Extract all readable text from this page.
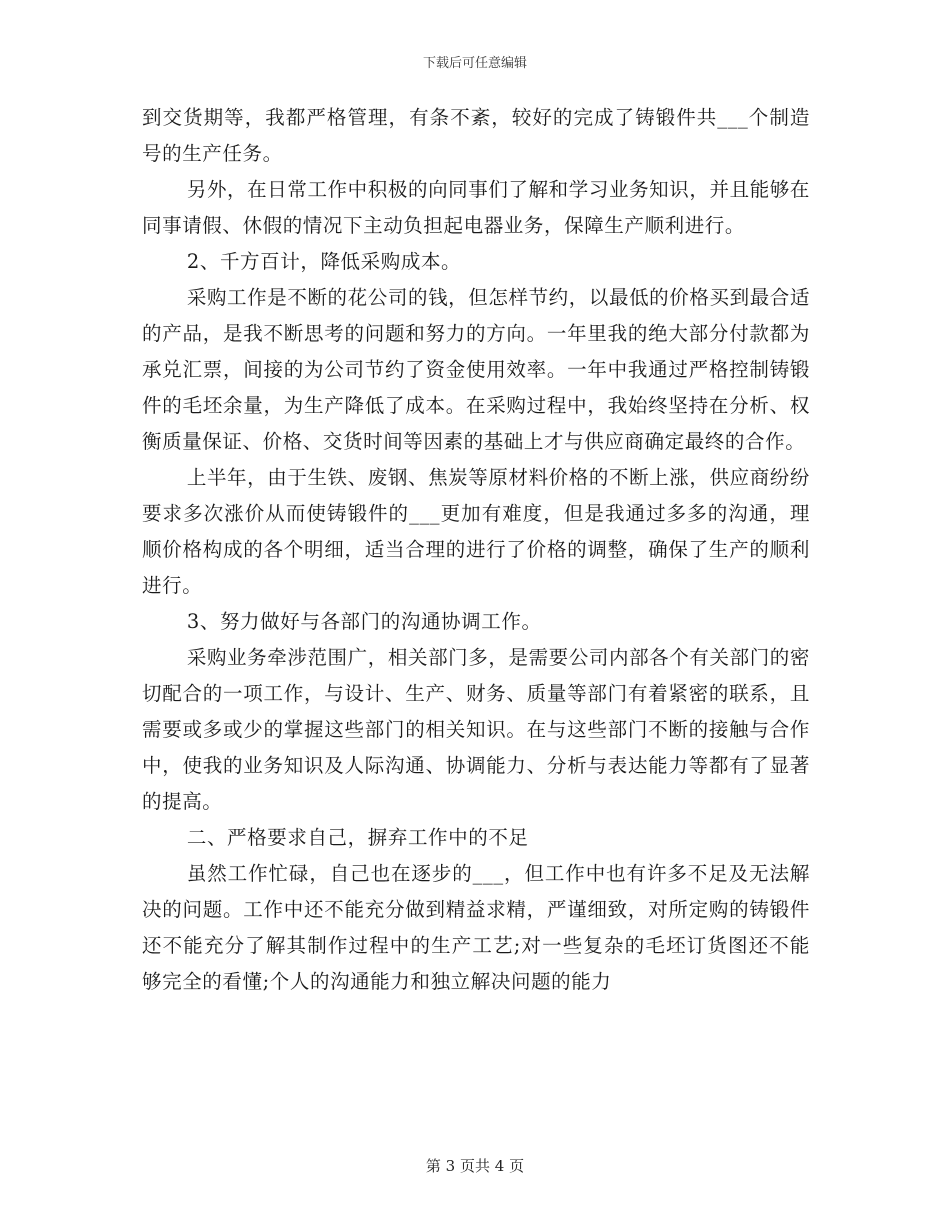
下载后可任意编辑

到交货期等，我都严格管理，有条不紊，较好的完成了铸锻件共___个制造号的生产任务。

另外，在日常工作中积极的向同事们了解和学习业务知识，并且能够在同事请假、休假的情况下主动负担起电器业务，保障生产顺利进行。

2、千方百计，降低采购成本。

采购工作是不断的花公司的钱，但怎样节约，以最低的价格买到最合适的产品，是我不断思考的问题和努力的方向。一年里我的绝大部分付款都为承兑汇票，间接的为公司节约了资金使用效率。一年中我通过严格控制铸锻件的毛坯余量，为生产降低了成本。在采购过程中，我始终坚持在分析、权衡质量保证、价格、交货时间等因素的基础上才与供应商确定最终的合作。

上半年，由于生铁、废钢、焦炭等原材料价格的不断上涨，供应商纷纷要求多次涨价从而使铸锻件的___更加有难度，但是我通过多多的沟通，理顺价格构成的各个明细，适当合理的进行了价格的调整，确保了生产的顺利进行。

3、努力做好与各部门的沟通协调工作。

采购业务牵涉范围广，相关部门多，是需要公司内部各个有关部门的密切配合的一项工作，与设计、生产、财务、质量等部门有着紧密的联系，且需要或多或少的掌握这些部门的相关知识。在与这些部门不断的接触与合作中，使我的业务知识及人际沟通、协调能力、分析与表达能力等都有了显著的提高。

二、严格要求自己，摒弃工作中的不足

虽然工作忙碌，自己也在逐步的___，但工作中也有许多不足及无法解决的问题。工作中还不能充分做到精益求精，严谨细致，对所定购的铸锻件还不能充分了解其制作过程中的生产工艺;对一些复杂的毛坯订货图还不能够完全的看懂;个人的沟通能力和独立解决问题的能力

第 3 页共 4 页
